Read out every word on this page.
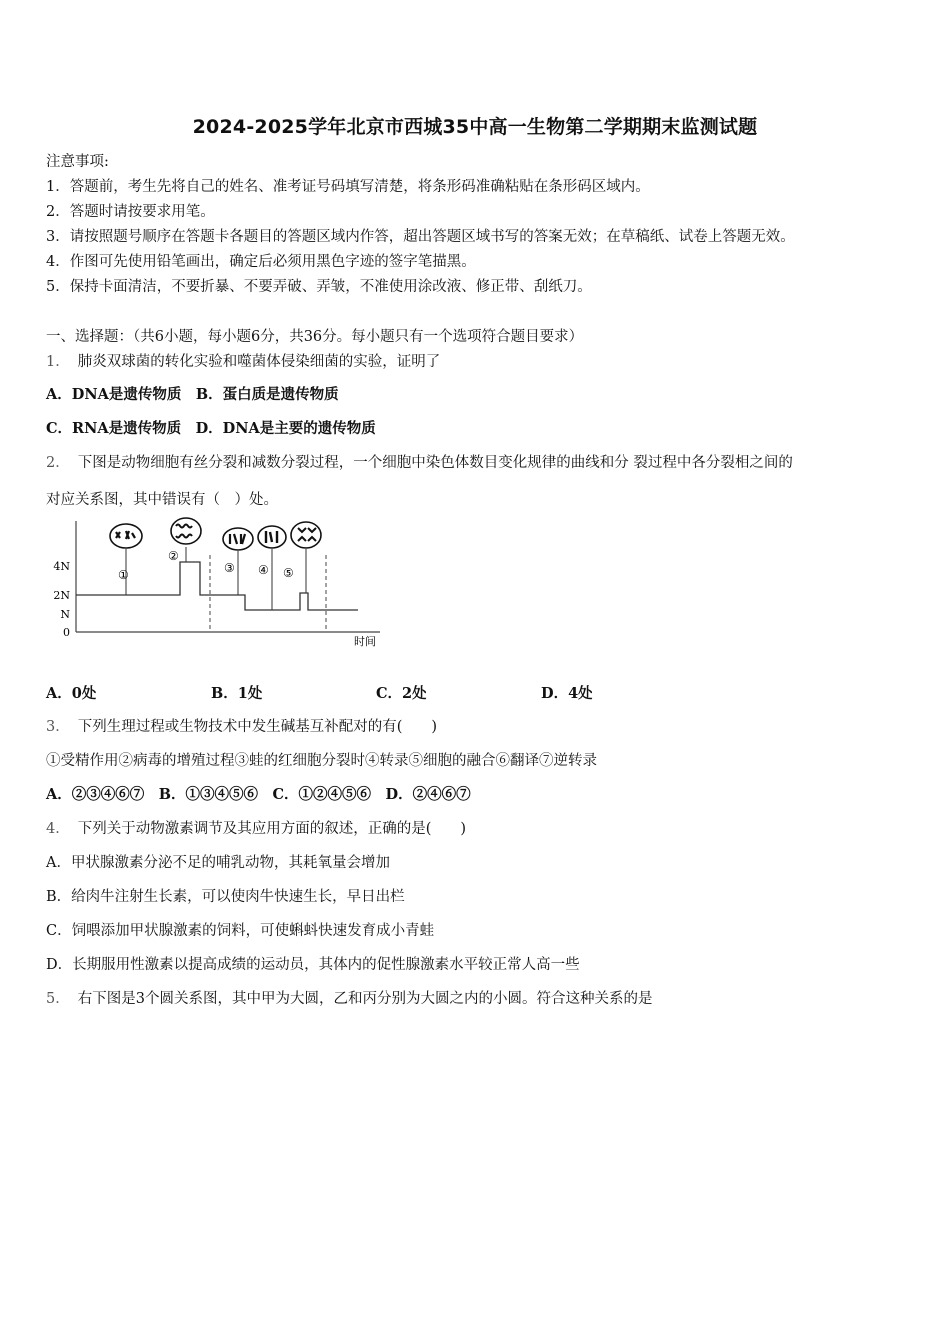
2024-2025学年北京市西城35中高一生物第二学期期末监测试题
注意事项:
1．答题前，考生先将自己的姓名、准考证号码填写清楚，将条形码准确粘贴在条形码区域内。
2．答题时请按要求用笔。
3．请按照题号顺序在答题卡各题目的答题区域内作答，超出答题区域书写的答案无效；在草稿纸、试卷上答题无效。
4．作图可先使用铅笔画出，确定后必须用黑色字迹的签字笔描黑。
5．保持卡面清洁，不要折暴、不要弄破、弄皱，不准使用涂改液、修正带、刮纸刀。
一、选择题：（共6小题，每小题6分，共36分。每小题只有一个选项符合题目要求）
1． 肺炎双球菌的转化实验和噬菌体侵染细菌的实验，证明了
A．DNA是遗传物质　B．蛋白质是遗传物质
C．RNA是遗传物质　D．DNA是主要的遗传物质
2． 下图是动物细胞有丝分裂和减数分裂过程，一个细胞中染色体数目变化规律的曲线和分 裂过程中各分裂相之间的
对应关系图，其中错误有（　）处。
4N
2N
N
0
时间
①
②
③ ④ ⑤
A．0处	B．1处	C．2处	D．4处
3． 下列生理过程或生物技术中发生碱基互补配对的有(　　)
①受精作用②病毒的增殖过程③蛙的红细胞分裂时④转录⑤细胞的融合⑥翻译⑦逆转录
A．②③④⑥⑦　B．①③④⑤⑥　C．①②④⑤⑥　D．②④⑥⑦
4． 下列关于动物激素调节及其应用方面的叙述，正确的是(　　)
A．甲状腺激素分泌不足的哺乳动物，其耗氧量会增加
B．给肉牛注射生长素，可以使肉牛快速生长，早日出栏
C．饲喂添加甲状腺激素的饲料，可使蝌蚪快速发育成小青蛙
D．长期服用性激素以提高成绩的运动员，其体内的促性腺激素水平较正常人高一些
5． 右下图是3个圆关系图，其中甲为大圆，乙和丙分别为大圆之内的小圆。符合这种关系的是
